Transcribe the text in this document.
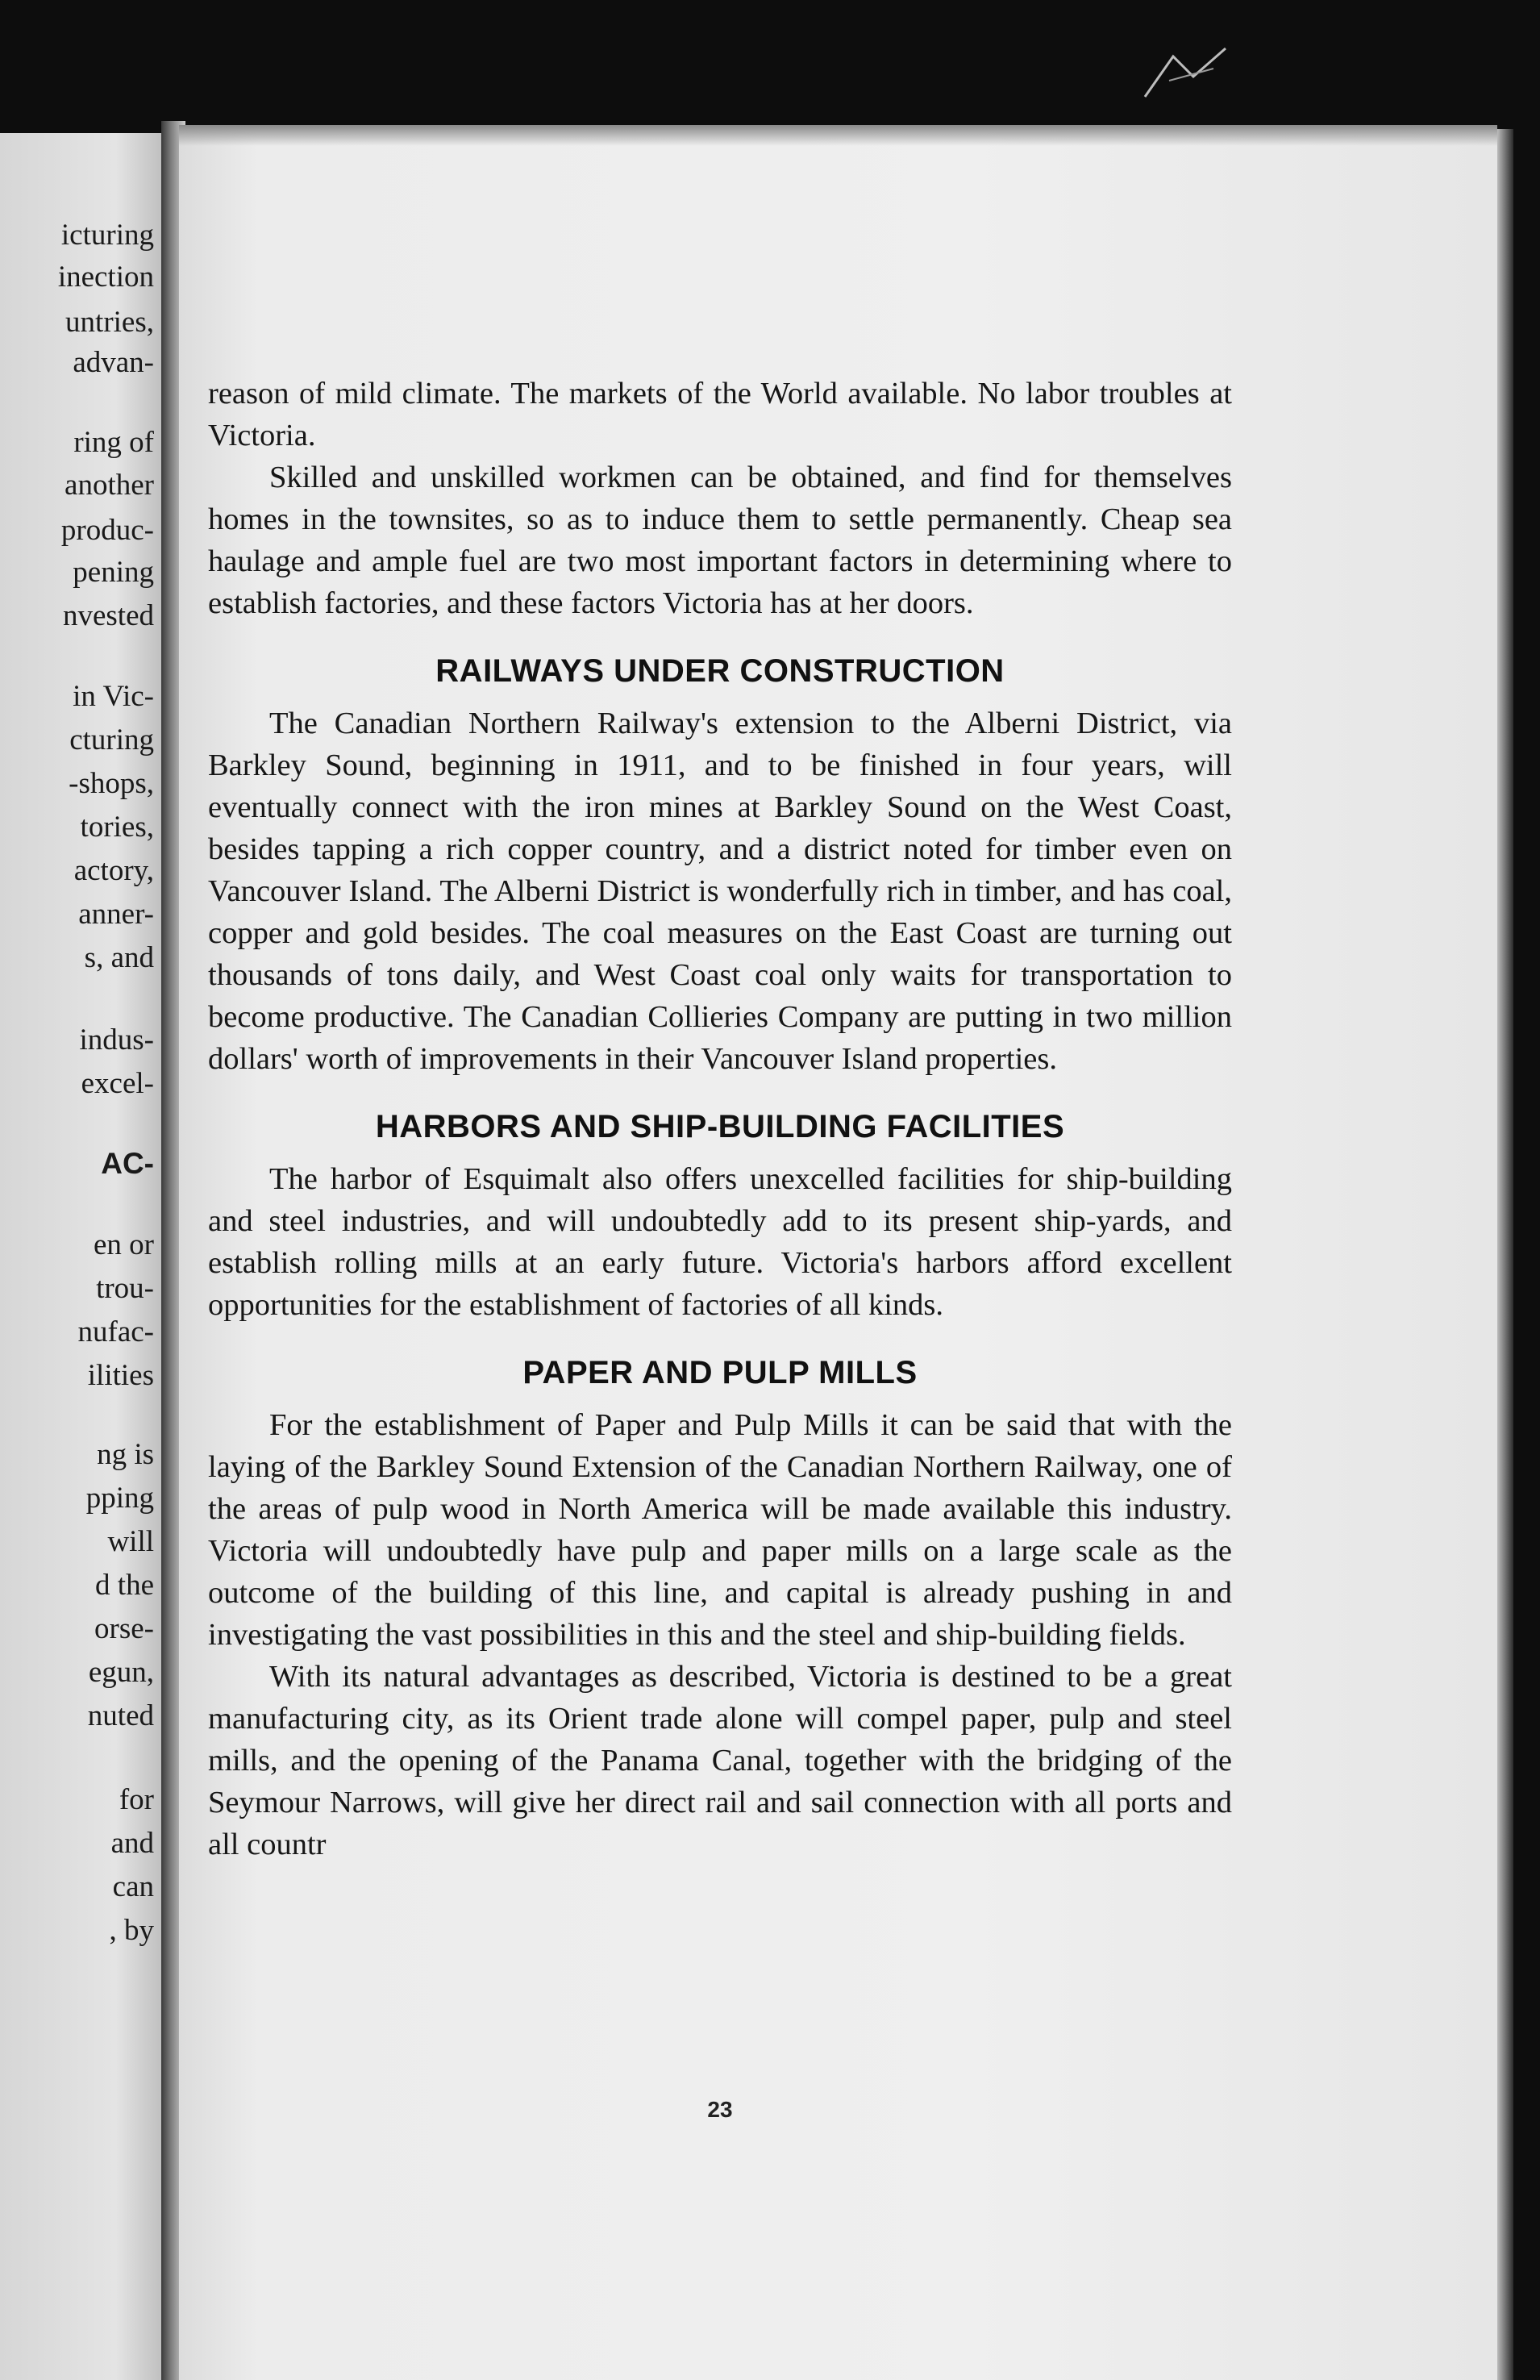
icturing
inection
untries,
advan-
ring of
another
produc-
pening
nvested
in Vic-
cturing
-shops,
tories,
actory,
anner-
s, and
indus-
excel-
AC-
en or
trou-
nufac-
ilities
ng is
pping
will
d the
orse-
egun,
nuted
for
and
can
, by

reason of mild climate. The markets of the World available. No labor troubles at Victoria.

Skilled and unskilled workmen can be obtained, and find for themselves homes in the townsites, so as to induce them to settle permanently. Cheap sea haulage and ample fuel are two most important factors in determining where to establish factories, and these factors Victoria has at her doors.

RAILWAYS UNDER CONSTRUCTION

The Canadian Northern Railway's extension to the Alberni District, via Barkley Sound, beginning in 1911, and to be finished in four years, will eventually connect with the iron mines at Barkley Sound on the West Coast, besides tapping a rich copper country, and a district noted for timber even on Vancouver Island. The Alberni District is wonderfully rich in timber, and has coal, copper and gold besides. The coal measures on the East Coast are turning out thousands of tons daily, and West Coast coal only waits for transportation to become productive. The Canadian Collieries Company are putting in two million dollars' worth of improvements in their Vancouver Island properties.

HARBORS AND SHIP-BUILDING FACILITIES

The harbor of Esquimalt also offers unexcelled facilities for ship-building and steel industries, and will undoubtedly add to its present ship-yards, and establish rolling mills at an early future. Victoria's harbors afford excellent opportunities for the establishment of factories of all kinds.

PAPER AND PULP MILLS

For the establishment of Paper and Pulp Mills it can be said that with the laying of the Barkley Sound Extension of the Canadian Northern Railway, one of the areas of pulp wood in North America will be made available this industry. Victoria will undoubtedly have pulp and paper mills on a large scale as the outcome of the building of this line, and capital is already pushing in and investigating the vast possibilities in this and the steel and ship-building fields.

With its natural advantages as described, Victoria is destined to be a great manufacturing city, as its Orient trade alone will compel paper, pulp and steel mills, and the opening of the Panama Canal, together with the bridging of the Seymour Narrows, will give her direct rail and sail connection with all ports and all countr

23
